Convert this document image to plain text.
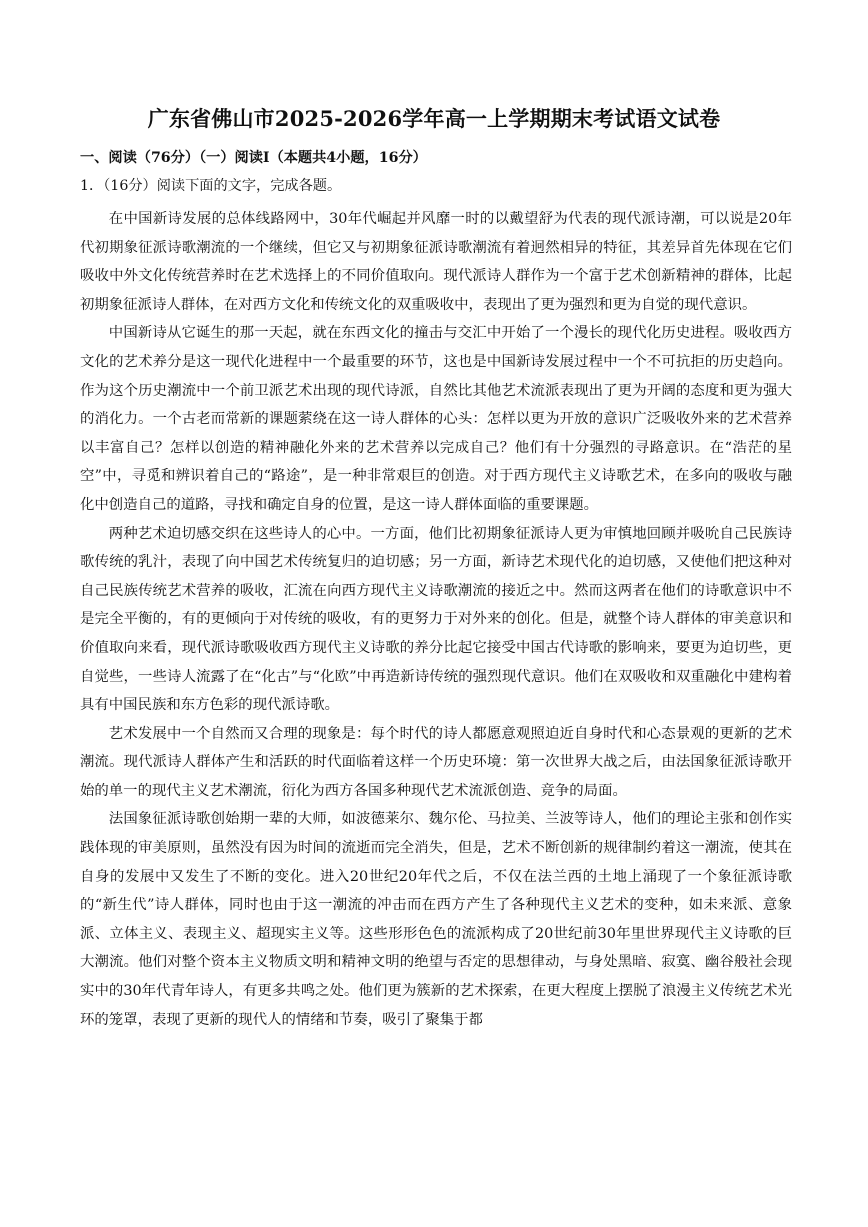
广东省佛山市2025-2026学年高一上学期期末考试语文试卷
一、阅读（76分）（一）阅读Ⅰ（本题共4小题，16分）
1．（16分）阅读下面的文字，完成各题。

在中国新诗发展的总体线路网中，30年代崛起并风靡一时的以戴望舒为代表的现代派诗潮，可以说是20年代初期象征派诗歌潮流的一个继续，但它又与初期象征派诗歌潮流有着迥然相异的特征，其差异首先体现在它们吸收中外文化传统营养时在艺术选择上的不同价值取向。现代派诗人群作为一个富于艺术创新精神的群体，比起初期象征派诗人群体，在对西方文化和传统文化的双重吸收中，表现出了更为强烈和更为自觉的现代意识。

中国新诗从它诞生的那一天起，就在东西文化的撞击与交汇中开始了一个漫长的现代化历史进程。吸收西方文化的艺术养分是这一现代化进程中一个最重要的环节，这也是中国新诗发展过程中一个不可抗拒的历史趋向。作为这个历史潮流中一个前卫派艺术出现的现代诗派，自然比其他艺术流派表现出了更为开阔的态度和更为强大的消化力。一个古老而常新的课题萦绕在这一诗人群体的心头：怎样以更为开放的意识广泛吸收外来的艺术营养以丰富自己？怎样以创造的精神融化外来的艺术营养以完成自己？他们有十分强烈的寻路意识。在“浩茫的星空”中，寻觅和辨识着自己的“路途”，是一种非常艰巨的创造。对于西方现代主义诗歌艺术，在多向的吸收与融化中创造自己的道路，寻找和确定自身的位置，是这一诗人群体面临的重要课题。

两种艺术迫切感交织在这些诗人的心中。一方面，他们比初期象征派诗人更为审慎地回顾并吸吮自己民族诗歌传统的乳汁，表现了向中国艺术传统复归的迫切感；另一方面，新诗艺术现代化的迫切感，又使他们把这种对自己民族传统艺术营养的吸收，汇流在向西方现代主义诗歌潮流的接近之中。然而这两者在他们的诗歌意识中不是完全平衡的，有的更倾向于对传统的吸收，有的更努力于对外来的创化。但是，就整个诗人群体的审美意识和价值取向来看，现代派诗歌吸收西方现代主义诗歌的养分比起它接受中国古代诗歌的影响来，要更为迫切些，更自觉些，一些诗人流露了在“化古”与“化欧”中再造新诗传统的强烈现代意识。他们在双吸收和双重融化中建构着具有中国民族和东方色彩的现代派诗歌。

艺术发展中一个自然而又合理的现象是：每个时代的诗人都愿意观照迫近自身时代和心态景观的更新的艺术潮流。现代派诗人群体产生和活跃的时代面临着这样一个历史环境：第一次世界大战之后，由法国象征派诗歌开始的单一的现代主义艺术潮流，衍化为西方各国多种现代艺术流派创造、竞争的局面。

法国象征派诗歌创始期一辈的大师，如波德莱尔、魏尔伦、马拉美、兰波等诗人，他们的理论主张和创作实践体现的审美原则，虽然没有因为时间的流逝而完全消失，但是，艺术不断创新的规律制约着这一潮流，使其在自身的发展中又发生了不断的变化。进入20世纪20年代之后，不仅在法兰西的土地上涌现了一个象征派诗歌的“新生代”诗人群体，同时也由于这一潮流的冲击而在西方产生了各种现代主义艺术的变种，如未来派、意象派、立体主义、表现主义、超现实主义等。这些形形色色的流派构成了20世纪前30年里世界现代主义诗歌的巨大潮流。他们对整个资本主义物质文明和精神文明的绝望与否定的思想律动，与身处黑暗、寂寞、幽谷般社会现实中的30年代青年诗人，有更多共鸣之处。他们更为簇新的艺术探索，在更大程度上摆脱了浪漫主义传统艺术光环的笼罩，表现了更新的现代人的情绪和节奏，吸引了聚集于都
